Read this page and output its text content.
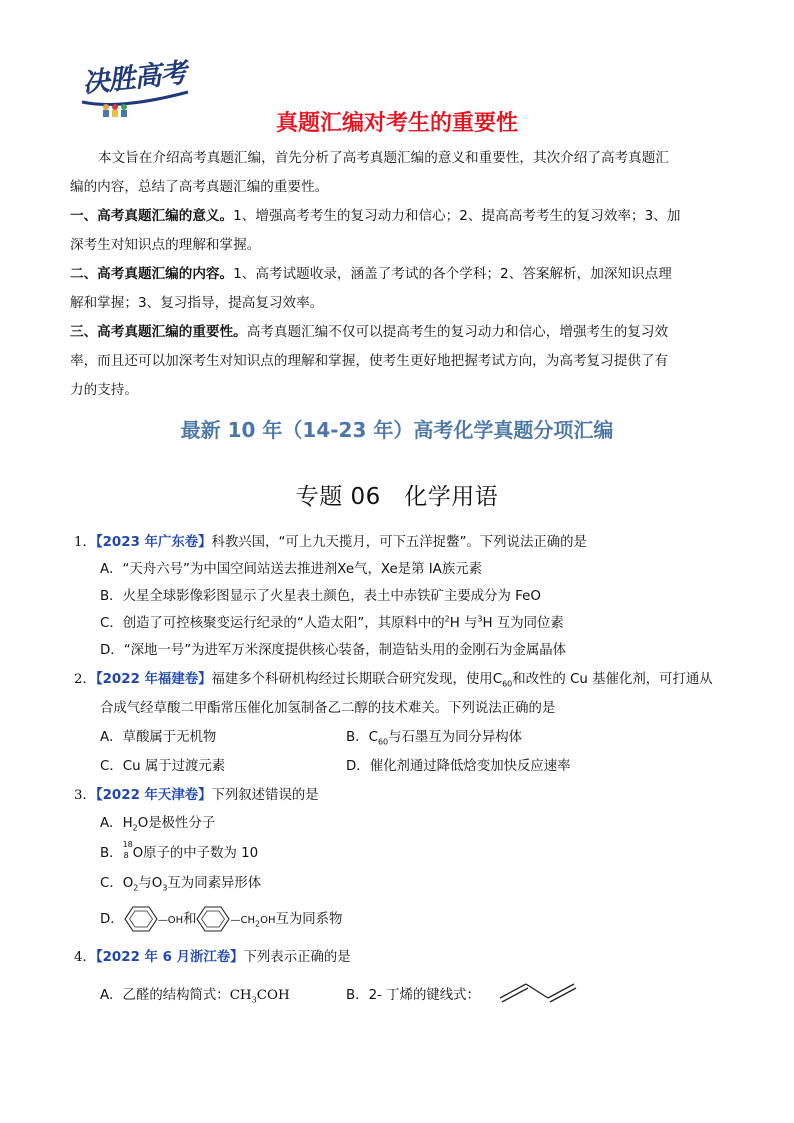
决胜高考
真题汇编对考生的重要性
本文旨在介绍高考真题汇编，首先分析了高考真题汇编的意义和重要性，其次介绍了高考真题汇
编的内容，总结了高考真题汇编的重要性。
一、高考真题汇编的意义。1、增强高考考生的复习动力和信心；2、提高高考考生的复习效率；3、加
深考生对知识点的理解和掌握。
二、高考真题汇编的内容。1、高考试题收录，涵盖了考试的各个学科；2、答案解析，加深知识点理
解和掌握；3、复习指导，提高复习效率。
三、高考真题汇编的重要性。高考真题汇编不仅可以提高考生的复习动力和信心，增强考生的复习效
率，而且还可以加深考生对知识点的理解和掌握，使考生更好地把握考试方向，为高考复习提供了有
力的支持。
最新 10 年（14-23 年）高考化学真题分项汇编
专题 06　化学用语
1．【2023 年广东卷】科教兴国，“可上九天揽月，可下五洋捉鳖”。下列说法正确的是
A．“天舟六号”为中国空间站送去推进剂Xe气，Xe是第 IA族元素
B．火星全球影像彩图显示了火星表土颜色，表土中赤铁矿主要成分为 FeO
C．创造了可控核聚变运行纪录的“人造太阳”，其原料中的$^2$H 与$^3$H 互为同位素
D．“深地一号”为进军万米深度提供核心装备，制造钻头用的金刚石为金属晶体
2．【2022 年福建卷】福建多个科研机构经过长期联合研究发现，使用$C_{60}$和改性的 Cu 基催化剂，可打通从
合成气经草酸二甲酯常压催化加氢制备乙二醇的技术难关。下列说法正确的是
A．草酸属于无机物	B．$C_{60}$与石墨互为同分异构体
C．Cu 属于过渡元素	D．催化剂通过降低焓变加快反应速率
3．【2022 年天津卷】下列叙述错误的是
A．$H_2O$是极性分子
B．
18
8 O原子的中子数为 10
C．$O_2$与$O_3$互为同素异形体
D．	—OH和	$—CH_2OH$互为同系物
4．【2022 年 6 月浙江卷】下列表示正确的是
A．乙醛的结构简式：$CH_3COH$	B．2- 丁烯的键线式：
